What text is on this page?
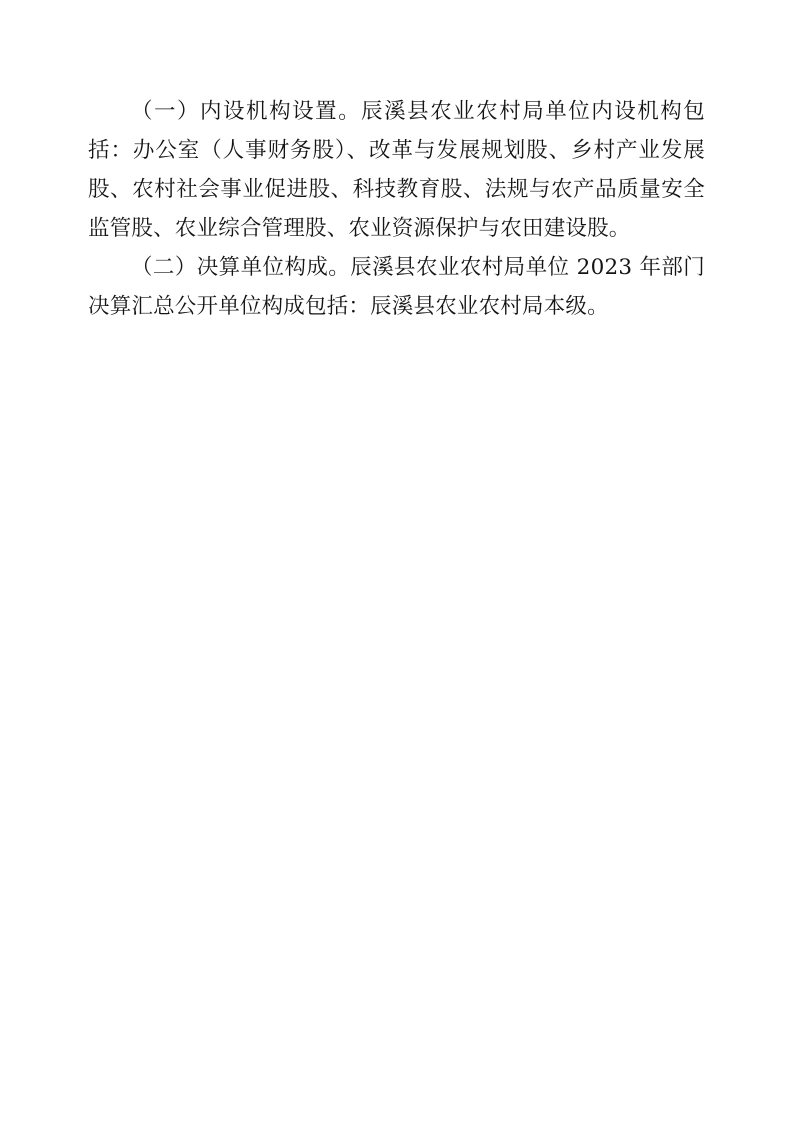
（一）内设机构设置。辰溪县农业农村局单位内设机构包括：办公室（人事财务股）、改革与发展规划股、乡村产业发展股、农村社会事业促进股、科技教育股、法规与农产品质量安全监管股、农业综合管理股、农业资源保护与农田建设股。

（二）决算单位构成。辰溪县农业农村局单位 2023 年部门决算汇总公开单位构成包括：辰溪县农业农村局本级。
